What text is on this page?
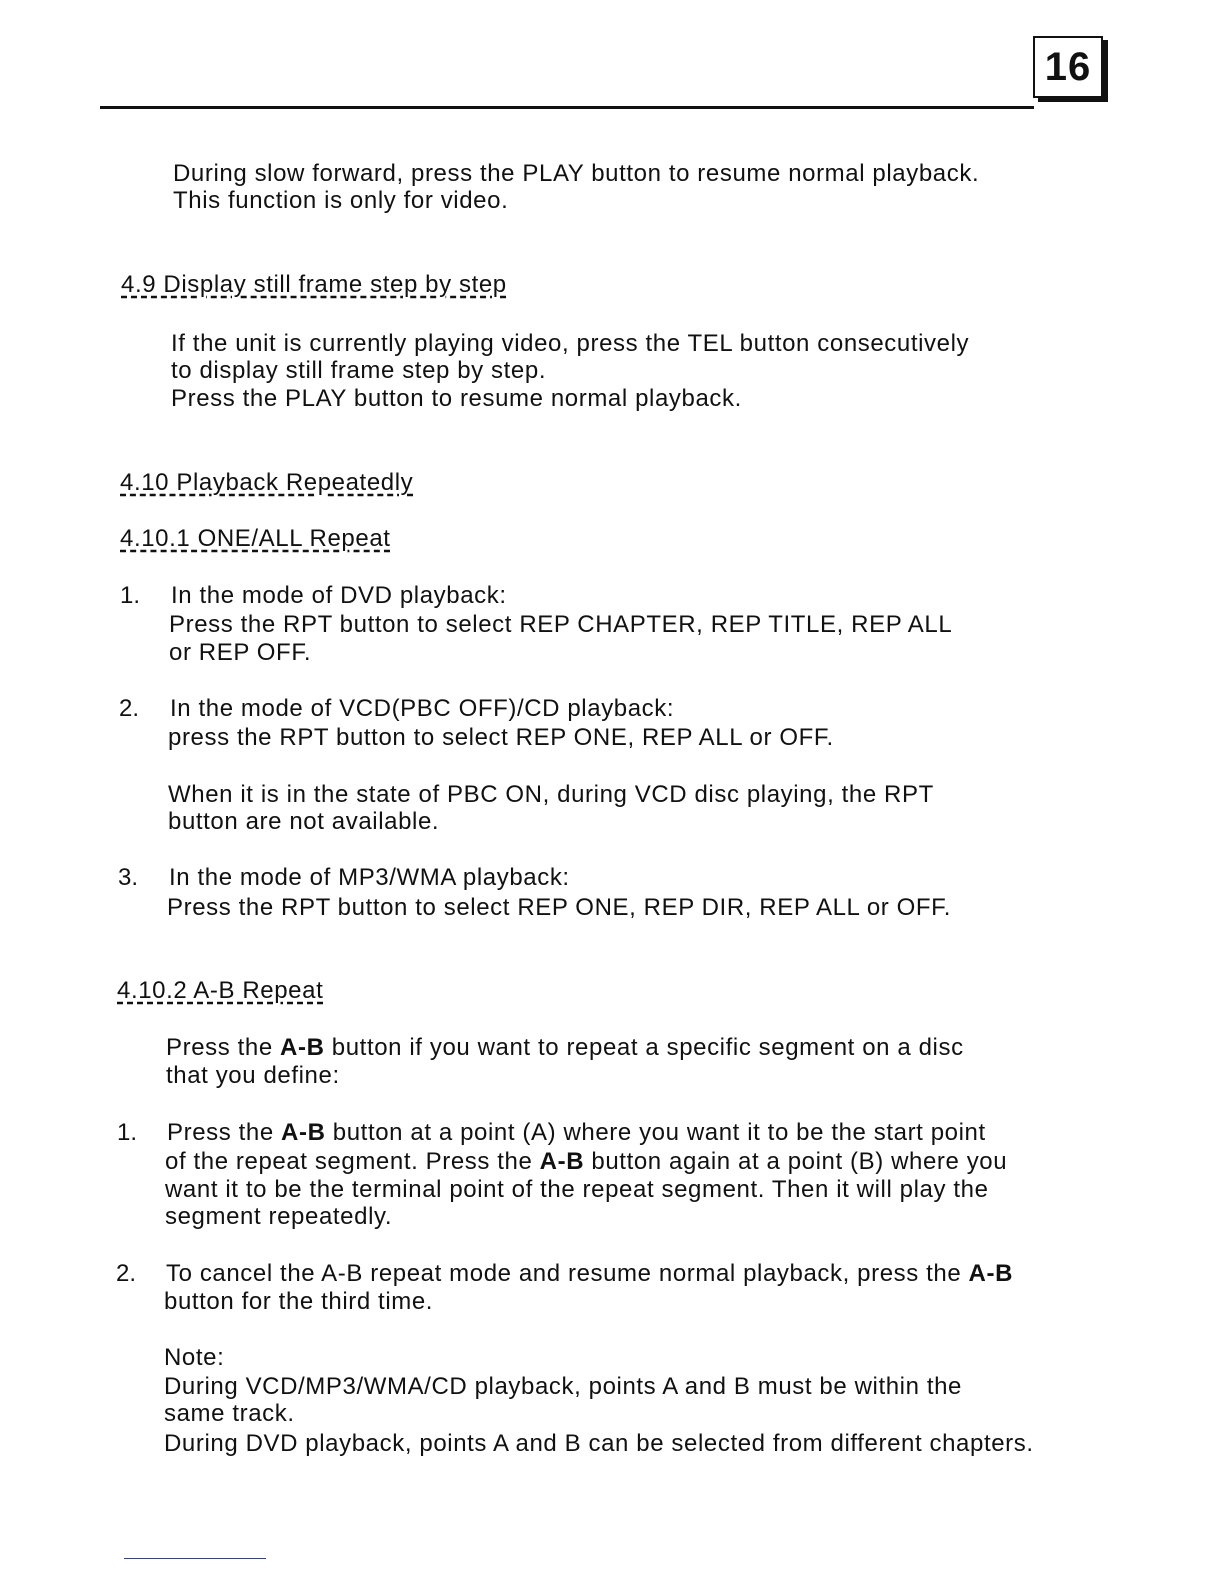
16
During slow forward, press the PLAY button to resume normal playback.
This function is only for video.
4.9 Display still frame step by step
If the unit is currently playing video, press the TEL button consecutively
to display still frame step by step.
Press the PLAY button to resume normal playback.
4.10 Playback Repeatedly
4.10.1 ONE/ALL Repeat
1. In the mode of DVD playback:
Press the RPT button to select REP CHAPTER, REP TITLE, REP ALL
or REP OFF.
2. In the mode of VCD(PBC OFF)/CD playback:
press the RPT button to select REP ONE, REP ALL or OFF.
When it is in the state of PBC ON, during VCD disc playing, the RPT
button are not available.
3. In the mode of MP3/WMA playback:
Press the RPT button to select REP ONE, REP DIR, REP ALL or OFF.
4.10.2 A-B Repeat
Press the A-B button if you want to repeat a specific segment on a disc
that you define:
1. Press the A-B button at a point (A) where you want it to be the start point
of the repeat segment. Press the A-B button again at a point (B) where you
want it to be the terminal point of the repeat segment. Then it will play the
segment repeatedly.
2. To cancel the A-B repeat mode and resume normal playback, press the A-B
button for the third time.
Note:
During VCD/MP3/WMA/CD playback, points A and B must be within the
same track.
During DVD playback, points A and B can be selected from different chapters.
